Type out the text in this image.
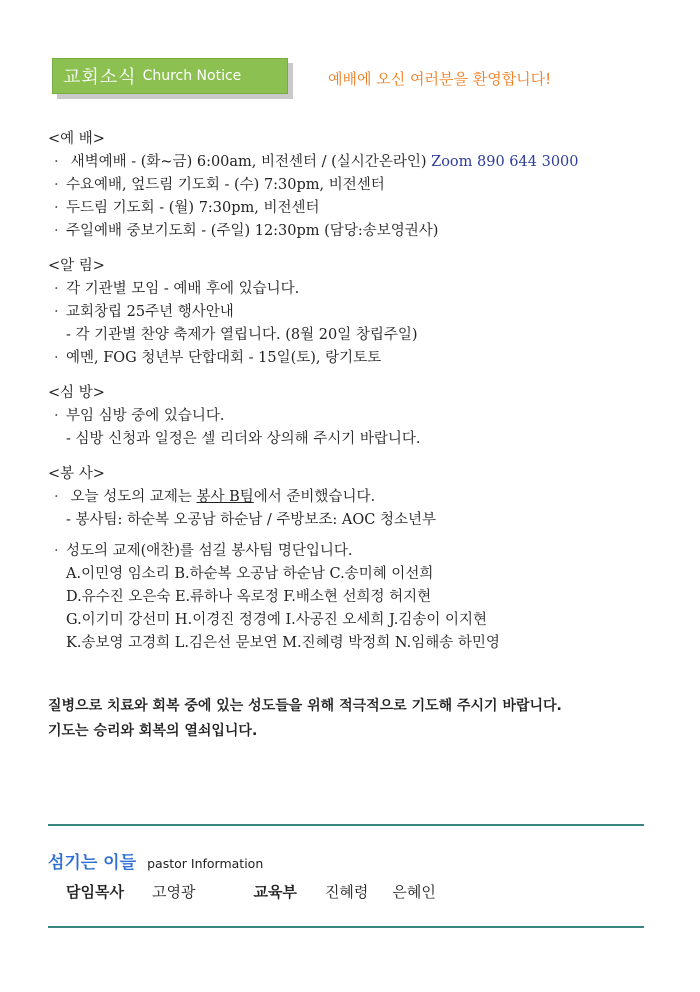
교회소식 Church Notice	예배에 오신 여러분을 환영합니다!
<예 배>
· 새벽예배 - (화~금) 6:00am, 비전센터 / (실시간온라인) Zoom 890 644 3000
· 수요예배, 엎드림 기도회 - (수) 7:30pm, 비전센터
· 두드림 기도회 - (월) 7:30pm, 비전센터
· 주일예배 중보기도회 - (주일) 12:30pm (담당:송보영권사)
<알 림>
· 각 기관별 모임 - 예배 후에 있습니다.
· 교회창립 25주년 행사안내
- 각 기관별 찬양 축제가 열립니다. (8월 20일 창립주일)
· 예멘, FOG 청년부 단합대회 - 15일(토), 랑기토토
<심 방>
· 부임 심방 중에 있습니다.
- 심방 신청과 일정은 셀 리더와 상의해 주시기 바랍니다.
<봉 사>
· 오늘 성도의 교제는 봉사 B팀에서 준비했습니다.
- 봉사팀: 하순복 오공남 하순남 / 주방보조: AOC 청소년부
· 성도의 교제(애찬)를 섬길 봉사팀 명단입니다.
A.이민영 임소리 B.하순복 오공남 하순남 C.송미혜 이선희
D.유수진 오은숙 E.류하나 옥로정 F.배소현 선희정 허지현
G.이기미 강선미 H.이경진 정경예 I.사공진 오세희 J.김송이 이지현
K.송보영 고경희 L.김은선 문보연 M.진혜령 박정희 N.임해송 하민영
질병으로 치료와 회복 중에 있는 성도들을 위해 적극적으로 기도해 주시기 바랍니다.
기도는 승리와 회복의 열쇠입니다.
섬기는 이들 pastor Information
담임목사 고영광	교육부 진혜령 은혜인
